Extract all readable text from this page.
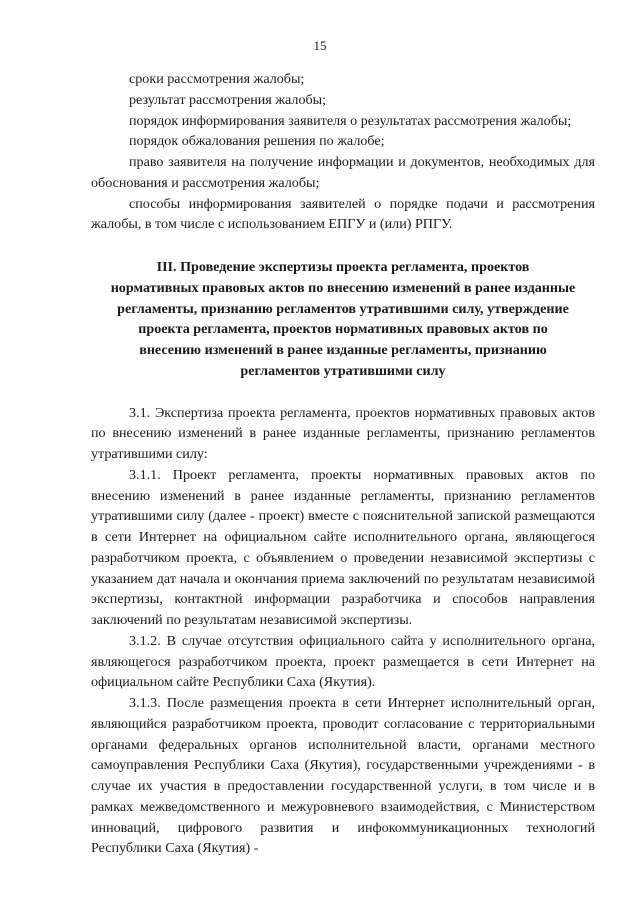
15

сроки рассмотрения жалобы;

результат рассмотрения жалобы;

порядок информирования заявителя о результатах рассмотрения жалобы;

порядок обжалования решения по жалобе;

право заявителя на получение информации и документов, необходимых для обоснования и рассмотрения жалобы;

способы информирования заявителей о порядке подачи и рассмотрения жалобы, в том числе с использованием ЕПГУ и (или) РПГУ.

III. Проведение экспертизы проекта регламента, проектов
нормативных правовых актов по внесению изменений в ранее изданные
регламенты, признанию регламентов утратившими силу, утверждение
проекта регламента, проектов нормативных правовых актов по
внесению изменений в ранее изданные регламенты, признанию
регламентов утратившими силу

3.1. Экспертиза проекта регламента, проектов нормативных правовых актов по внесению изменений в ранее изданные регламенты, признанию регламентов утратившими силу:

3.1.1. Проект регламента, проекты нормативных правовых актов по внесению изменений в ранее изданные регламенты, признанию регламентов утратившими силу (далее - проект) вместе с пояснительной запиской размещаются в сети Интернет на официальном сайте исполнительного органа, являющегося разработчиком проекта, с объявлением о проведении независимой экспертизы с указанием дат начала и окончания приема заключений по результатам независимой экспертизы, контактной информации разработчика и способов направления заключений по результатам независимой экспертизы.

3.1.2. В случае отсутствия официального сайта у исполнительного органа, являющегося разработчиком проекта, проект размещается в сети Интернет на официальном сайте Республики Саха (Якутия).

3.1.3. После размещения проекта в сети Интернет исполнительный орган, являющийся разработчиком проекта, проводит согласование с территориальными органами федеральных органов исполнительной власти, органами местного самоуправления Республики Саха (Якутия), государственными учреждениями - в случае их участия в предоставлении государственной услуги, в том числе и в рамках межведомственного и межуровневого взаимодействия, с Министерством инноваций, цифрового развития и инфокоммуникационных технологий Республики Саха (Якутия) -
